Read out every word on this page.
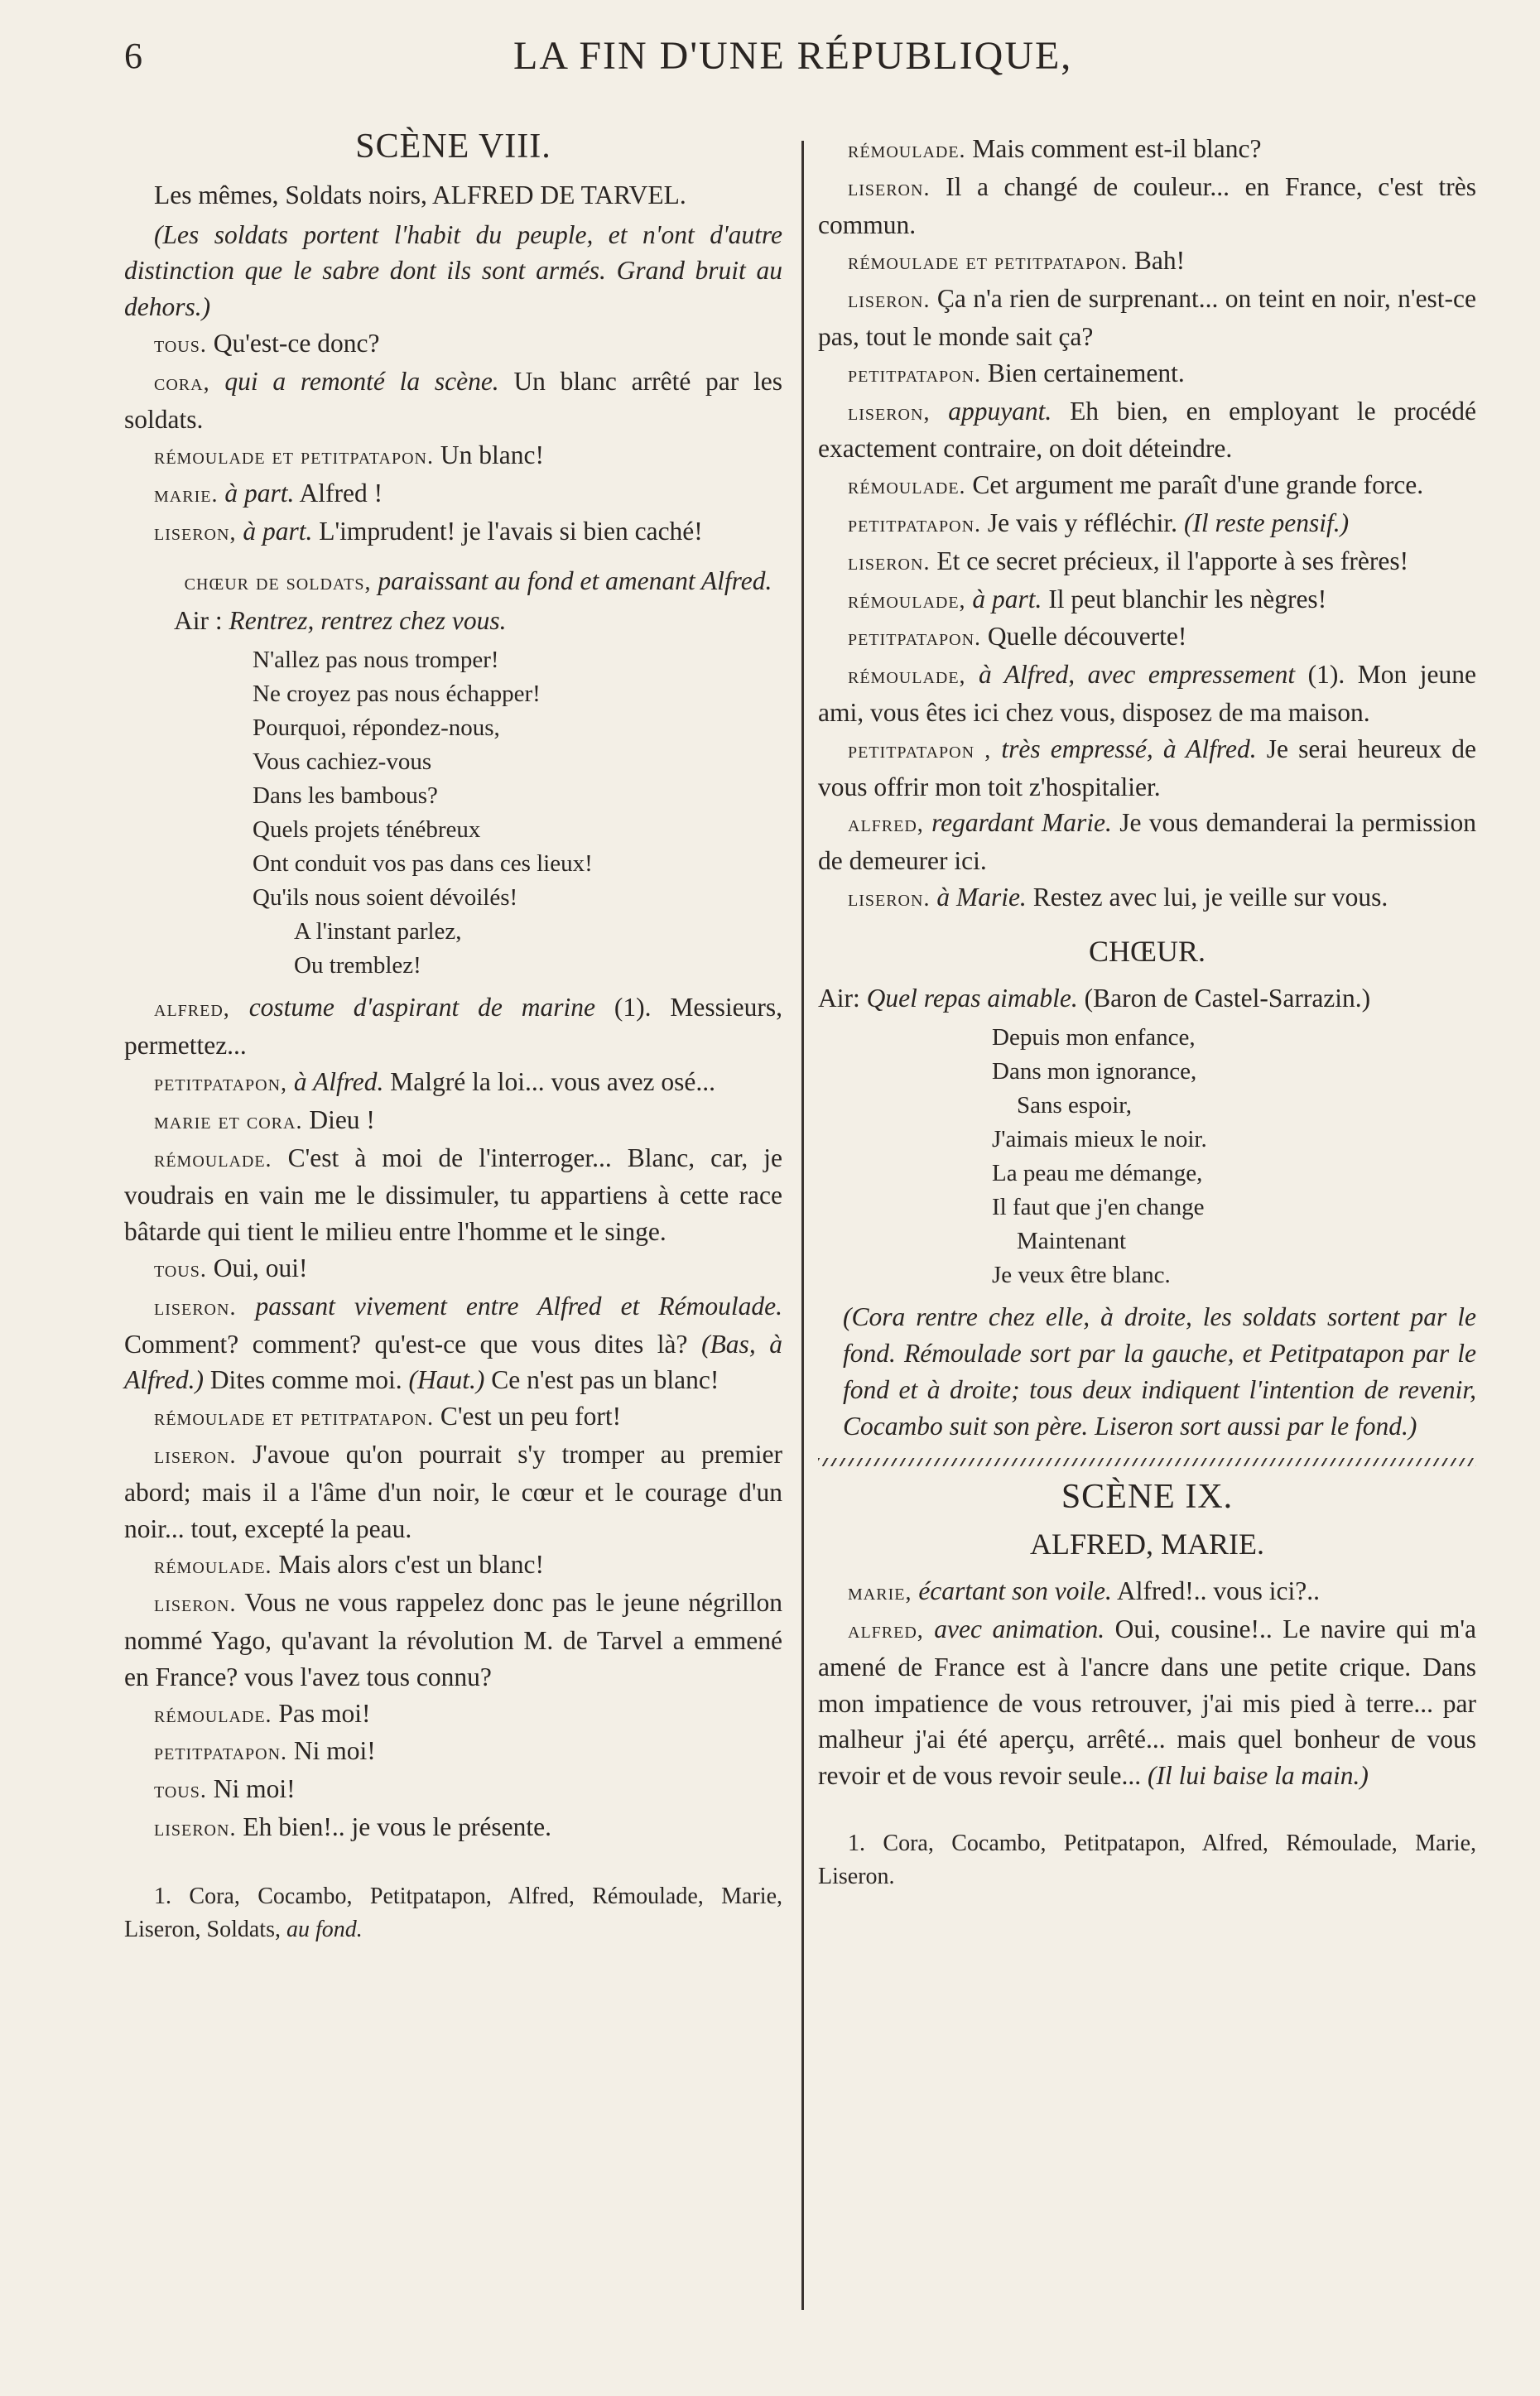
6	LA FIN D'UNE RÉPUBLIQUE,
SCÈNE VIII.

Les mêmes, Soldats noirs, ALFRED DE TARVEL.

(Les soldats portent l'habit du peuple, et n'ont d'autre distinction que le sabre dont ils sont armés. Grand bruit au dehors.)

tous. Qu'est-ce donc?

cora, qui a remonté la scène. Un blanc arrêté par les soldats.

rémoulade et petitpatapon. Un blanc!

marie. à part. Alfred !

liseron, à part. L'imprudent! je l'avais si bien caché!

chœur de soldats, paraissant au fond et amenant Alfred.

Air : Rentrez, rentrez chez vous.

N'allez pas nous tromper!
Ne croyez pas nous échapper!
Pourquoi, répondez-nous,
Vous cachiez-vous
Dans les bambous?
Quels projets ténébreux
Ont conduit vos pas dans ces lieux!
Qu'ils nous soient dévoilés!
A l'instant parlez,
Ou tremblez!

alfred, costume d'aspirant de marine (1). Messieurs, permettez...

petitpatapon, à Alfred. Malgré la loi... vous avez osé...

marie et cora. Dieu !

rémoulade. C'est à moi de l'interroger... Blanc, car, je voudrais en vain me le dissimuler, tu appartiens à cette race bâtarde qui tient le milieu entre l'homme et le singe.

tous. Oui, oui!

liseron. passant vivement entre Alfred et Rémoulade. Comment? comment? qu'est-ce que vous dites là? (Bas, à Alfred.) Dites comme moi. (Haut.) Ce n'est pas un blanc!

rémoulade et petitpatapon. C'est un peu fort!

liseron. J'avoue qu'on pourrait s'y tromper au premier abord; mais il a l'âme d'un noir, le cœur et le courage d'un noir... tout, excepté la peau.

rémoulade. Mais alors c'est un blanc!

liseron. Vous ne vous rappelez donc pas le jeune négrillon nommé Yago, qu'avant la révolution M. de Tarvel a emmené en France? vous l'avez tous connu?

rémoulade. Pas moi!

petitpatapon. Ni moi!

tous. Ni moi!

liseron. Eh bien!.. je vous le présente.

1. Cora, Cocambo, Petitpatapon, Alfred, Rémoulade, Marie, Liseron, Soldats, au fond.

rémoulade. Mais comment est-il blanc?

liseron. Il a changé de couleur... en France, c'est très commun.

rémoulade et petitpatapon. Bah!

liseron. Ça n'a rien de surprenant... on teint en noir, n'est-ce pas, tout le monde sait ça?

petitpatapon. Bien certainement.

liseron, appuyant. Eh bien, en employant le procédé exactement contraire, on doit déteindre.

rémoulade. Cet argument me paraît d'une grande force.

petitpatapon. Je vais y réfléchir. (Il reste pensif.)

liseron. Et ce secret précieux, il l'apporte à ses frères!

rémoulade, à part. Il peut blanchir les nègres!

petitpatapon. Quelle découverte!

rémoulade, à Alfred, avec empressement (1). Mon jeune ami, vous êtes ici chez vous, disposez de ma maison.

petitpatapon , très empressé, à Alfred. Je serai heureux de vous offrir mon toit z'hospitalier.

alfred, regardant Marie. Je vous demanderai la permission de demeurer ici.

liseron. à Marie. Restez avec lui, je veille sur vous.

CHŒUR.

Air: Quel repas aimable. (Baron de Castel-Sarrazin.)

Depuis mon enfance,
Dans mon ignorance,
Sans espoir,
J'aimais mieux le noir.
La peau me démange,
Il faut que j'en change
Maintenant
Je veux être blanc.

(Cora rentre chez elle, à droite, les soldats sortent par le fond. Rémoulade sort par la gauche, et Petitpatapon par le fond et à droite; tous deux indiquent l'intention de revenir, Cocambo suit son père. Liseron sort aussi par le fond.)

SCÈNE IX.
ALFRED, MARIE.

marie, écartant son voile. Alfred!.. vous ici?..

alfred, avec animation. Oui, cousine!.. Le navire qui m'a amené de France est à l'ancre dans une petite crique. Dans mon impatience de vous retrouver, j'ai mis pied à terre... par malheur j'ai été aperçu, arrêté... mais quel bonheur de vous revoir et de vous revoir seule... (Il lui baise la main.)

1. Cora, Cocambo, Petitpatapon, Alfred, Rémoulade, Marie, Liseron.
